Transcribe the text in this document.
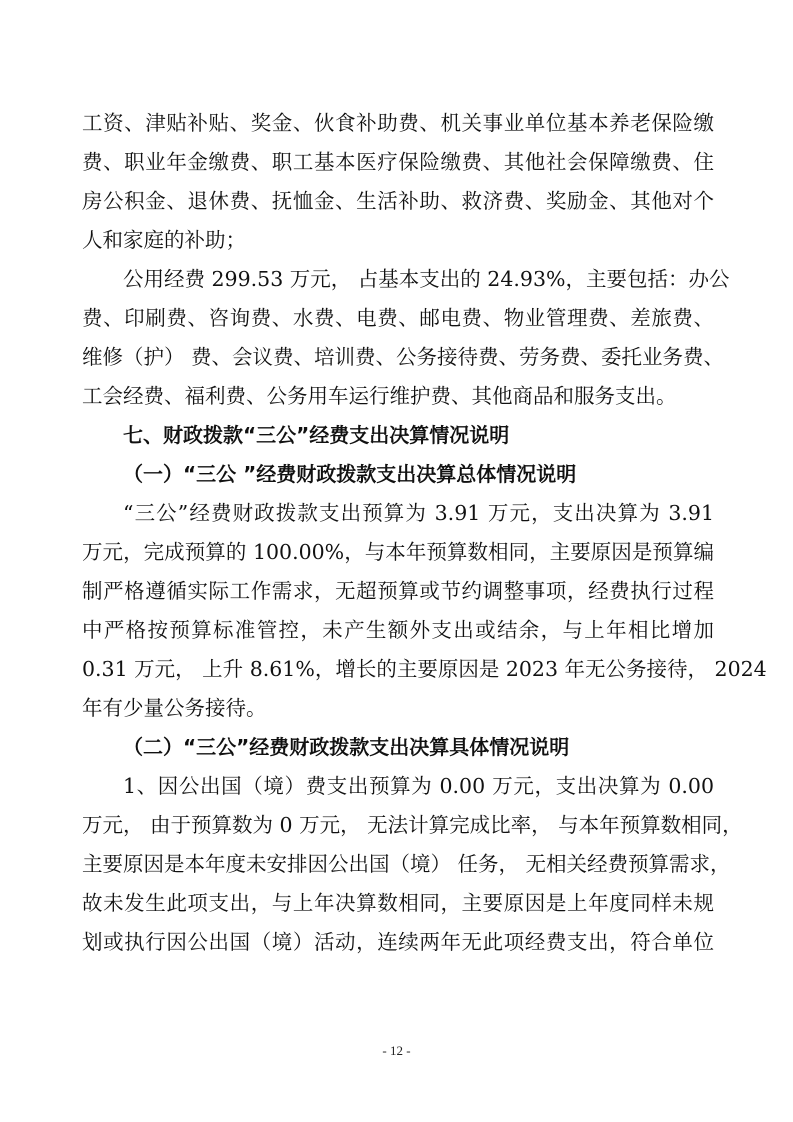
工资、津贴补贴、奖金、伙食补助费、机关事业单位基本养老保险缴
费、职业年金缴费、职工基本医疗保险缴费、其他社会保障缴费、住
房公积金、退休费、抚恤金、生活补助、救济费、奖励金、其他对个
人和家庭的补助；
公用经费 299.53 万元， 占基本支出的 24.93%，主要包括：办公
费、印刷费、咨询费、水费、电费、邮电费、物业管理费、差旅费、
维修（护） 费、会议费、培训费、公务接待费、劳务费、委托业务费、
工会经费、福利费、公务用车运行维护费、其他商品和服务支出。
七、财政拨款“三公”经费支出决算情况说明
（一）“三公 ”经费财政拨款支出决算总体情况说明
“三公”经费财政拨款支出预算为 3.91 万元，支出决算为 3.91
万元，完成预算的 100.00%，与本年预算数相同，主要原因是预算编
制严格遵循实际工作需求，无超预算或节约调整事项，经费执行过程
中严格按预算标准管控，未产生额外支出或结余，与上年相比增加
0.31 万元， 上升 8.61%，增长的主要原因是 2023 年无公务接待， 2024
年有少量公务接待。
（二）“三公”经费财政拨款支出决算具体情况说明
1、因公出国（境）费支出预算为 0.00 万元，支出决算为 0.00
万元， 由于预算数为 0 万元， 无法计算完成比率， 与本年预算数相同，
主要原因是本年度未安排因公出国（境） 任务， 无相关经费预算需求，
故未发生此项支出，与上年决算数相同，主要原因是上年度同样未规
划或执行因公出国（境）活动，连续两年无此项经费支出，符合单位
- 12 -
